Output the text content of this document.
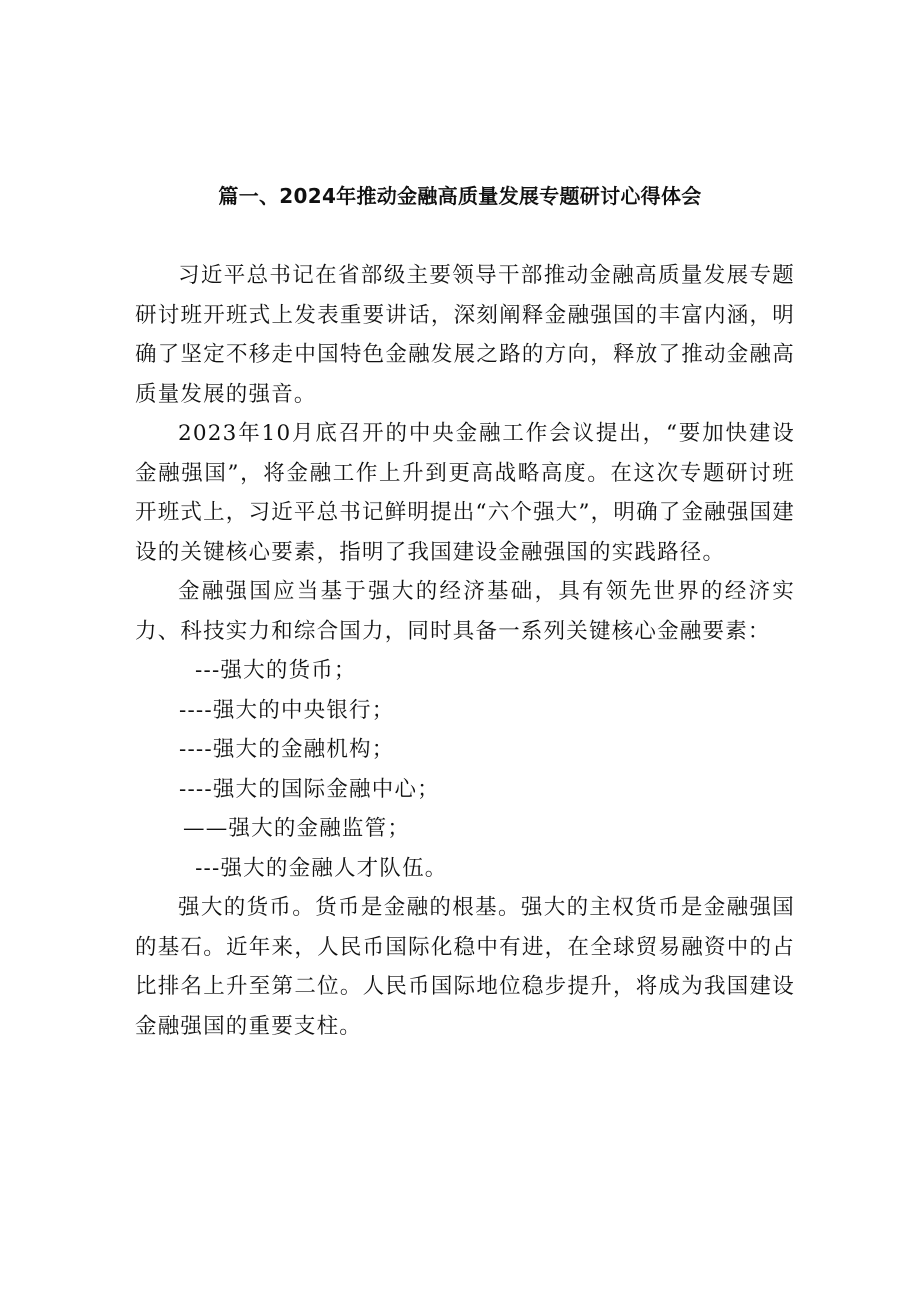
篇一、2024年推动金融高质量发展专题研讨心得体会

习近平总书记在省部级主要领导干部推动金融高质量发展专题研讨班开班式上发表重要讲话，深刻阐释金融强国的丰富内涵，明确了坚定不移走中国特色金融发展之路的方向，释放了推动金融高质量发展的强音。

2023年10月底召开的中央金融工作会议提出，“要加快建设金融强国”，将金融工作上升到更高战略高度。在这次专题研讨班开班式上，习近平总书记鲜明提出“六个强大”，明确了金融强国建设的关键核心要素，指明了我国建设金融强国的实践路径。

金融强国应当基于强大的经济基础，具有领先世界的经济实力、科技实力和综合国力，同时具备一系列关键核心金融要素：

---强大的货币；

----强大的中央银行；

----强大的金融机构；

----强大的国际金融中心；

——强大的金融监管；

---强大的金融人才队伍。

强大的货币。货币是金融的根基。强大的主权货币是金融强国的基石。近年来，人民币国际化稳中有进，在全球贸易融资中的占比排名上升至第二位。人民币国际地位稳步提升，将成为我国建设金融强国的重要支柱。
